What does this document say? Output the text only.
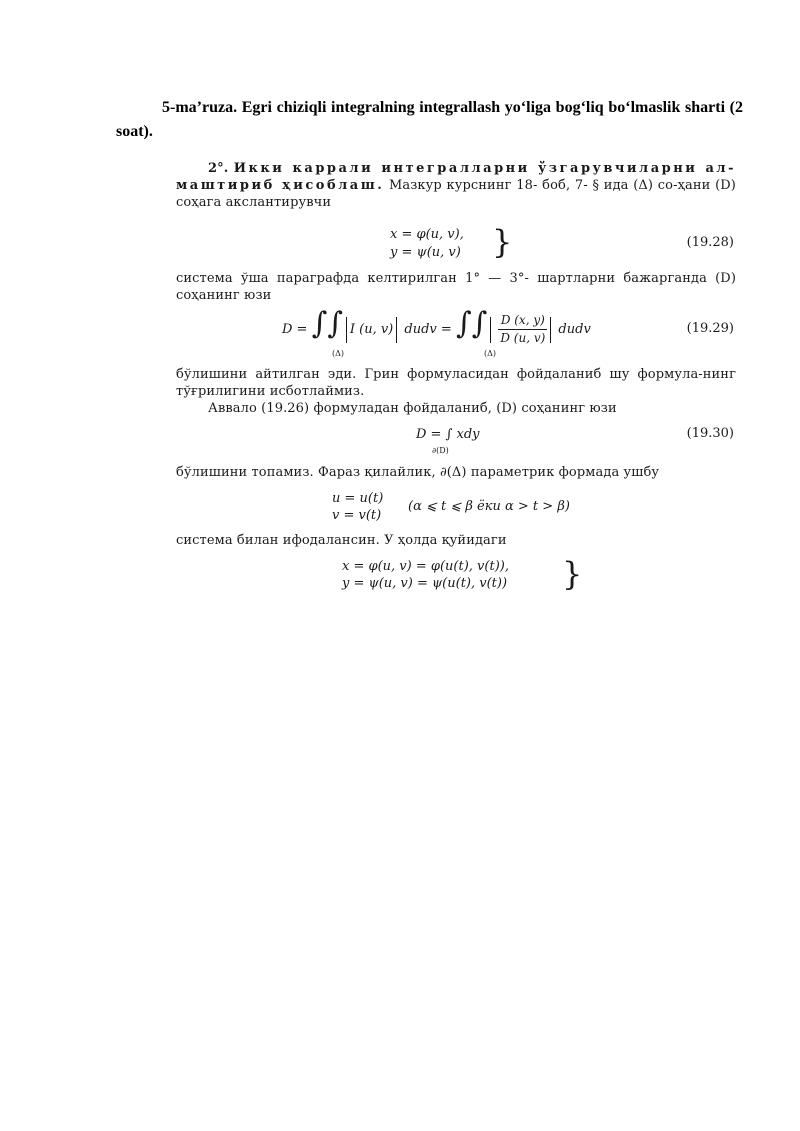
5-ma’ruza. Egri chiziqli integralning integrallash yo‘liga bog‘liq bo‘lmaslik sharti (2 soat).
2°. Икки каррали интегралларни ўзгарувчиларни ал-маштириб ҳисоблаш. Мазкур курснинг 18- боб, 7- § ида (Δ) со-ҳани (D) соҳага акслантирувчи
x = φ(u, v),
y = ψ(u, v) }	(19.28)
система ўша параграфда келтирилган 1° — 3°- шартларни бажарганда (D) соҳанинг юзи
D = ∫∫ I (u, v) dudv = ∫∫ $\frac{D (x, y)}{D (u, v)}$ dudv
(Δ)	(Δ)
(19.29)
бўлишини айтилган эди. Грин формуласидан фойдаланиб шу формула-нинг тўғрилигини исботлаймиз.
Аввало (19.26) формуладан фойдаланиб, (D) соҳанинг юзи
D = ∫ xdy
∂(D)
(19.30)
бўлишини топамиз. Фараз қилайлик, ∂(Δ) параметрик формада ушбу
u = u(t)
v = v(t)
(α ⩽ t ⩽ β ёки α > t > β)
система билан ифодалансин. У ҳолда қуйидаги
x = φ(u, v) = φ(u(t), v(t)),
y = ψ(u, v) = ψ(u(t), v(t)) }
